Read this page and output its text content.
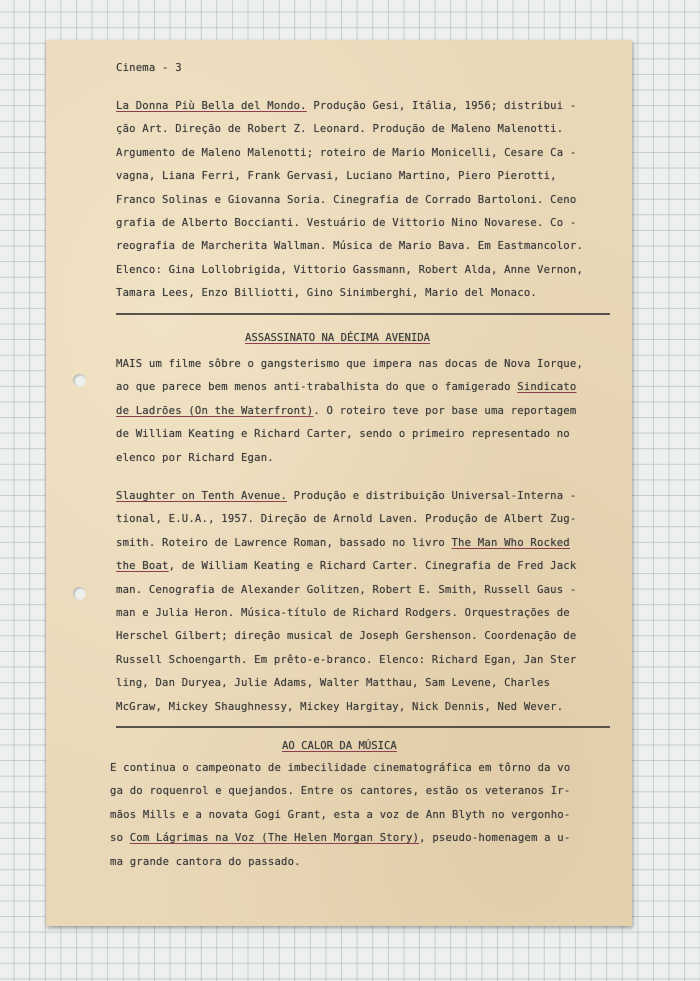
Cinema - 3
La Donna Più Bella del Mondo. Produção Gesi, Itália, 1956; distribui -
ção Art. Direção de Robert Z. Leonard. Produção de Maleno Malenotti.
Argumento de Maleno Malenotti; roteiro de Mario Monicelli, Cesare Ca -
vagna, Liana Ferri, Frank Gervasi, Luciano Martino, Piero Pierotti,
Franco Solinas e Giovanna Soria. Cinegrafia de Corrado Bartoloni. Ceno
grafia de Alberto Boccianti. Vestuário de Vittorio Nino Novarese. Co -
reografia de Marcherita Wallman. Música de Mario Bava. Em Eastmancolor.
Elenco: Gina Lollobrigida, Vittorio Gassmann, Robert Alda, Anne Vernon,
Tamara Lees, Enzo Billiotti, Gino Sinimberghi, Mario del Monaco.
ASSASSINATO NA DÉCIMA AVENIDA
MAIS um filme sôbre o gangsterismo que impera nas docas de Nova Iorque,
ao que parece bem menos anti-trabalhista do que o famigerado Sindicato
de Ladrões (On the Waterfront). O roteiro teve por base uma reportagem
de William Keating e Richard Carter, sendo o primeiro representado no
elenco por Richard Egan.
Slaughter on Tenth Avenue. Produção e distribuição Universal-Interna -
tional, E.U.A., 1957. Direção de Arnold Laven. Produção de Albert Zug-
smith. Roteiro de Lawrence Roman, bassado no livro The Man Who Rocked
the Boat, de William Keating e Richard Carter. Cinegrafia de Fred Jack
man. Cenografia de Alexander Golitzen, Robert E. Smith, Russell Gaus -
man e Julia Heron. Música-título de Richard Rodgers. Orquestrações de
Herschel Gilbert; direção musical de Joseph Gershenson. Coordenação de
Russell Schoengarth. Em prêto-e-branco. Elenco: Richard Egan, Jan Ster
ling, Dan Duryea, Julie Adams, Walter Matthau, Sam Levene, Charles
McGraw, Mickey Shaughnessy, Mickey Hargitay, Nick Dennis, Ned Wever.
AO CALOR DA MÚSICA
E continua o campeonato de imbecilidade cinematográfica em tôrno da vo
ga do roquenrol e quejandos. Entre os cantores, estão os veteranos Ir-
mãos Mills e a novata Gogi Grant, esta a voz de Ann Blyth no vergonho-
so Com Lágrimas na Voz (The Helen Morgan Story), pseudo-homenagem a u-
ma grande cantora do passado.
